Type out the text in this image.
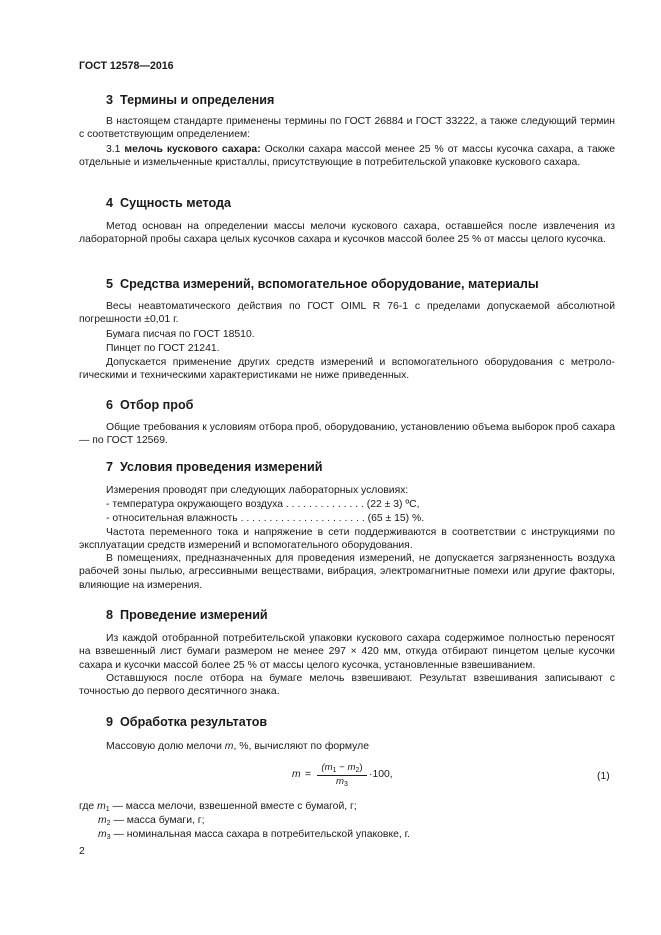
ГОСТ 12578—2016
3 Термины и определения
В настоящем стандарте применены термины по ГОСТ 26884 и ГОСТ 33222, а также следующий термин с соответствующим определением:
3.1 мелочь кускового сахара: Осколки сахара массой менее 25 % от массы кусочка сахара, а также отдельные и измельченные кристаллы, присутствующие в потребительской упаковке кускового сахара.
4 Сущность метода
Метод основан на определении массы мелочи кускового сахара, оставшейся после извлечения из лабораторной пробы сахара целых кусочков сахара и кусочков массой более 25 % от массы целого кусочка.
5 Средства измерений, вспомогательное оборудование, материалы
Весы неавтоматического действия по ГОСТ OIML R 76-1 с пределами допускаемой абсолютной погрешности ±0,01 г.
Бумага писчая по ГОСТ 18510.
Пинцет по ГОСТ 21241.
Допускается применение других средств измерений и вспомогательного оборудования с метрологическими и техническими характеристиками не ниже приведенных.
6 Отбор проб
Общие требования к условиям отбора проб, оборудованию, установлению объема выборок проб сахара — по ГОСТ 12569.
7 Условия проведения измерений
Измерения проводят при следующих лабораторных условиях:
- температура окружающего воздуха . . . . . . . . . . . . . . (22 ± 3) ºС,
- относительная влажность . . . . . . . . . . . . . . . . . . . . . . (65 ± 15) %.
Частота переменного тока и напряжение в сети поддерживаются в соответствии с инструкциями по эксплуатации средств измерений и вспомогательного оборудования.
В помещениях, предназначенных для проведения измерений, не допускается загрязненность воздуха рабочей зоны пылью, агрессивными веществами, вибрация, электромагнитные помехи или другие факторы, влияющие на измерения.
8 Проведение измерений
Из каждой отобранной потребительской упаковки кускового сахара содержимое полностью переносят на взвешенный лист бумаги размером не менее 297 × 420 мм, откуда отбирают пинцетом целые кусочки сахара и кусочки массой более 25 % от массы целого кусочка, установленные взвешиванием.
Оставшуюся после отбора на бумаге мелочь взвешивают. Результат взвешивания записывают с точностью до первого десятичного знака.
9 Обработка результатов
Массовую долю мелочи m, %, вычисляют по формуле
$m = \frac{(m_1 - m_2)}{m_3} \cdot 100$,	(1)
где $m_1$ — масса мелочи, взвешенной вместе с бумагой, г;
$m_2$ — масса бумаги, г;
$m_3$ — номинальная масса сахара в потребительской упаковке, г.
2
